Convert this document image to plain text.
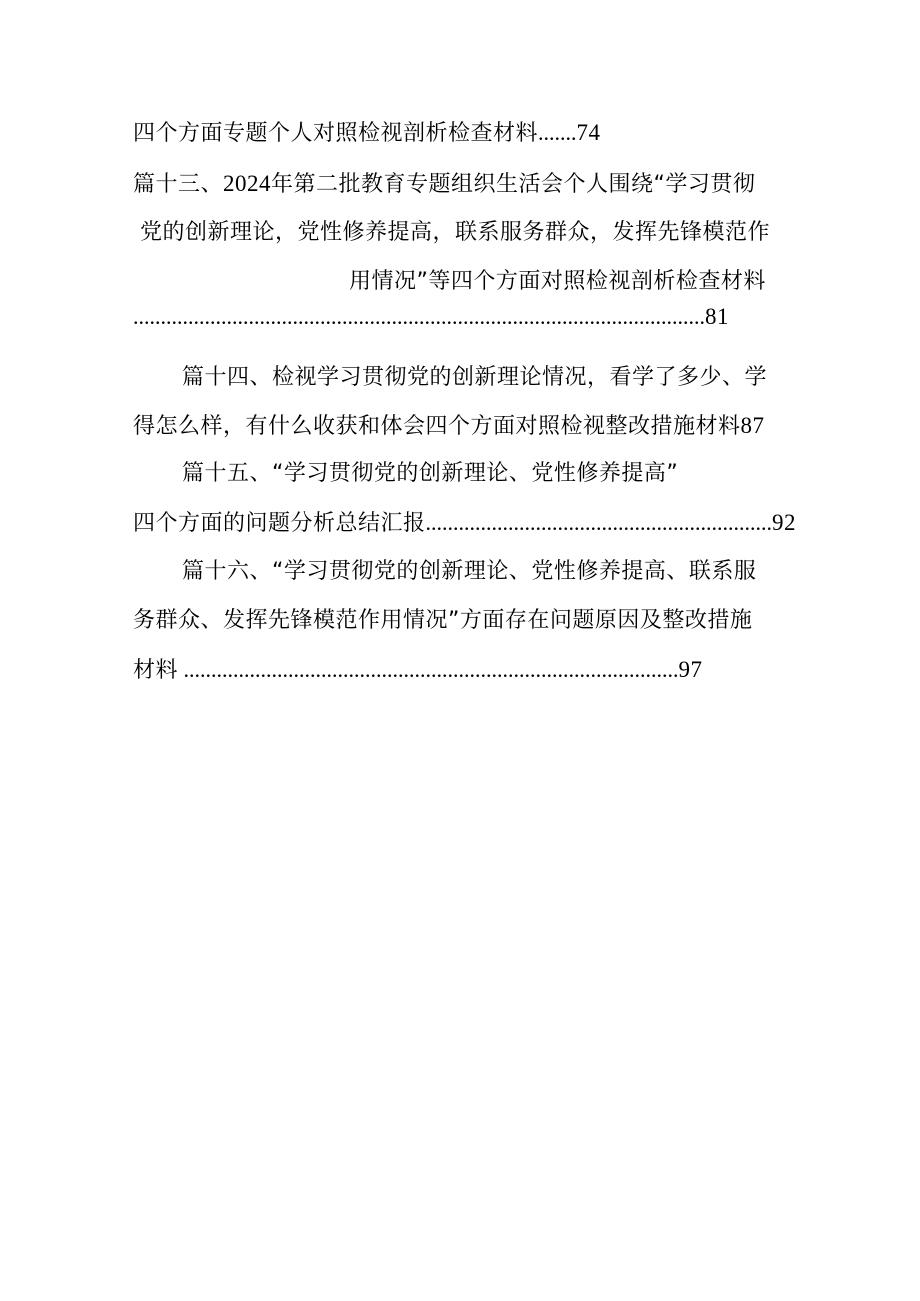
四个方面专题个人对照检视剖析检查材料.......74
篇十三、2024年第二批教育专题组织生活会个人围绕“学习贯彻
党的创新理论，党性修养提高，联系服务群众，发挥先锋模范作
用情况”等四个方面对照检视剖析检查材料
........................................................................................................81
篇十四、检视学习贯彻党的创新理论情况，看学了多少、学
得怎么样，有什么收获和体会四个方面对照检视整改措施材料87
篇十五、“学习贯彻党的创新理论、党性修养提高”
四个方面的问题分析总结汇报...............................................................92
篇十六、“学习贯彻党的创新理论、党性修养提高、联系服
务群众、发挥先锋模范作用情况”方面存在问题原因及整改措施
材料 ..........................................................................................97
